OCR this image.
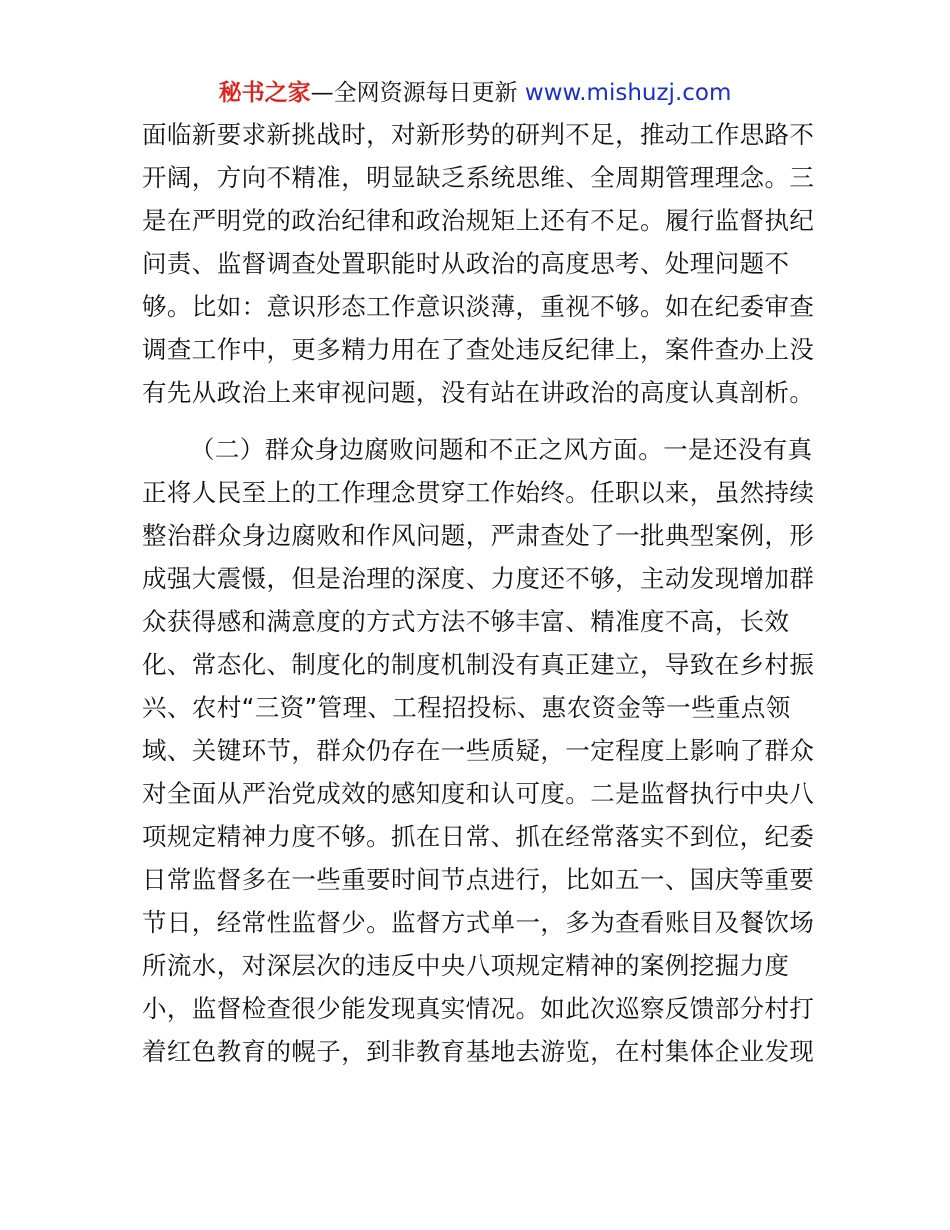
秘书之家—全网资源每日更新 www.mishuzj.com
面临新要求新挑战时，对新形势的研判不足，推动工作思路不
开阔，方向不精准，明显缺乏系统思维、全周期管理理念。三
是在严明党的政治纪律和政治规矩上还有不足。履行监督执纪
问责、监督调查处置职能时从政治的高度思考、处理问题不
够。比如：意识形态工作意识淡薄，重视不够。如在纪委审查
调查工作中，更多精力用在了查处违反纪律上，案件查办上没
有先从政治上来审视问题，没有站在讲政治的高度认真剖析。
（二）群众身边腐败问题和不正之风方面。一是还没有真
正将人民至上的工作理念贯穿工作始终。任职以来，虽然持续
整治群众身边腐败和作风问题，严肃查处了一批典型案例，形
成强大震慑，但是治理的深度、力度还不够，主动发现增加群
众获得感和满意度的方式方法不够丰富、精准度不高，长效
化、常态化、制度化的制度机制没有真正建立，导致在乡村振
兴、农村“三资”管理、工程招投标、惠农资金等一些重点领
域、关键环节，群众仍存在一些质疑，一定程度上影响了群众
对全面从严治党成效的感知度和认可度。二是监督执行中央八
项规定精神力度不够。抓在日常、抓在经常落实不到位，纪委
日常监督多在一些重要时间节点进行，比如五一、国庆等重要
节日，经常性监督少。监督方式单一，多为查看账目及餐饮场
所流水，对深层次的违反中央八项规定精神的案例挖掘力度
小，监督检查很少能发现真实情况。如此次巡察反馈部分村打
着红色教育的幌子，到非教育基地去游览，在村集体企业发现
